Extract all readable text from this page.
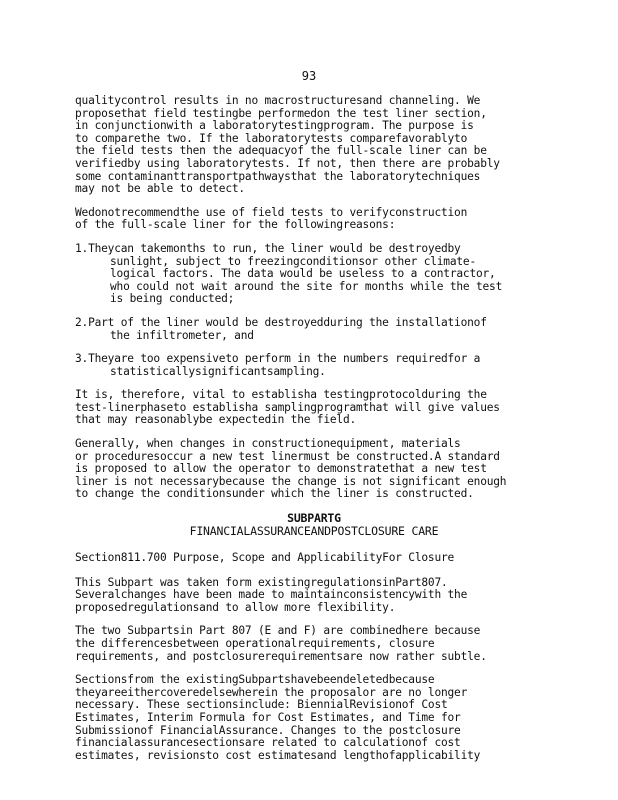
93
qualitycontrol results in no macrostructuresand channeling. We
proposethat field testingbe performedon the test liner section,
in conjunctionwith a laboratorytestingprogram. The purpose is
to comparethe two. If the laboratorytests comparefavorablyto
the field tests then the adequacyof the full-scale liner can be
verifiedby using laboratorytests. If not, then there are probably
some contaminanttransportpathwaysthat the laboratorytechniques
may not be able to detect.
Wedonotrecommendthe use of field tests to verifyconstruction
of the full-scale liner for the followingreasons:
1.Theycan takemonths to run, the liner would be destroyedby
sunlight, subject to freezingconditionsor other climate-
logical factors. The data would be useless to a contractor,
who could not wait around the site for months while the test
is being conducted;
2.Part of the liner would be destroyedduring the installationof
the infiltrometer, and
3.Theyare too expensiveto perform in the numbers requiredfor a
statisticallysignificantsampling.
It is, therefore, vital to establisha testingprotocolduring the
test-linerphaseto establisha samplingprogramthat will give values
that may reasonablybe expectedin the field.
Generally, when changes in constructionequipment, materials
or proceduresoccur a new test linermust be constructed.A standard
is proposed to allow the operator to demonstratethat a new test
liner is not necessarybecause the change is not significant enough
to change the conditionsunder which the liner is constructed.
SUBPARTG
FINANCIALASSURANCEANDPOSTCLOSURE CARE
Section811.700 Purpose, Scope and ApplicabilityFor Closure
This Subpart was taken form existingregulationsinPart807.
Severalchanges have been made to maintainconsistencywith the
proposedregulationsand to allow more flexibility.
The two Subpartsin Part 807 (E and F) are combinedhere because
the differencesbetween operationalrequirements, closure
requirements, and postclosurerequirementsare now rather subtle.
Sectionsfrom the existingSubpartshavebeendeletedbecause
theyareeithercoveredelsewherein the proposalor are no longer
necessary. These sectionsinclude: BiennialRevisionof Cost
Estimates, Interim Formula for Cost Estimates, and Time for
Submissionof FinancialAssurance. Changes to the postclosure
financialassurancesectionsare related to calculationof cost
estimates, revisionsto cost estimatesand lengthofapplicability
